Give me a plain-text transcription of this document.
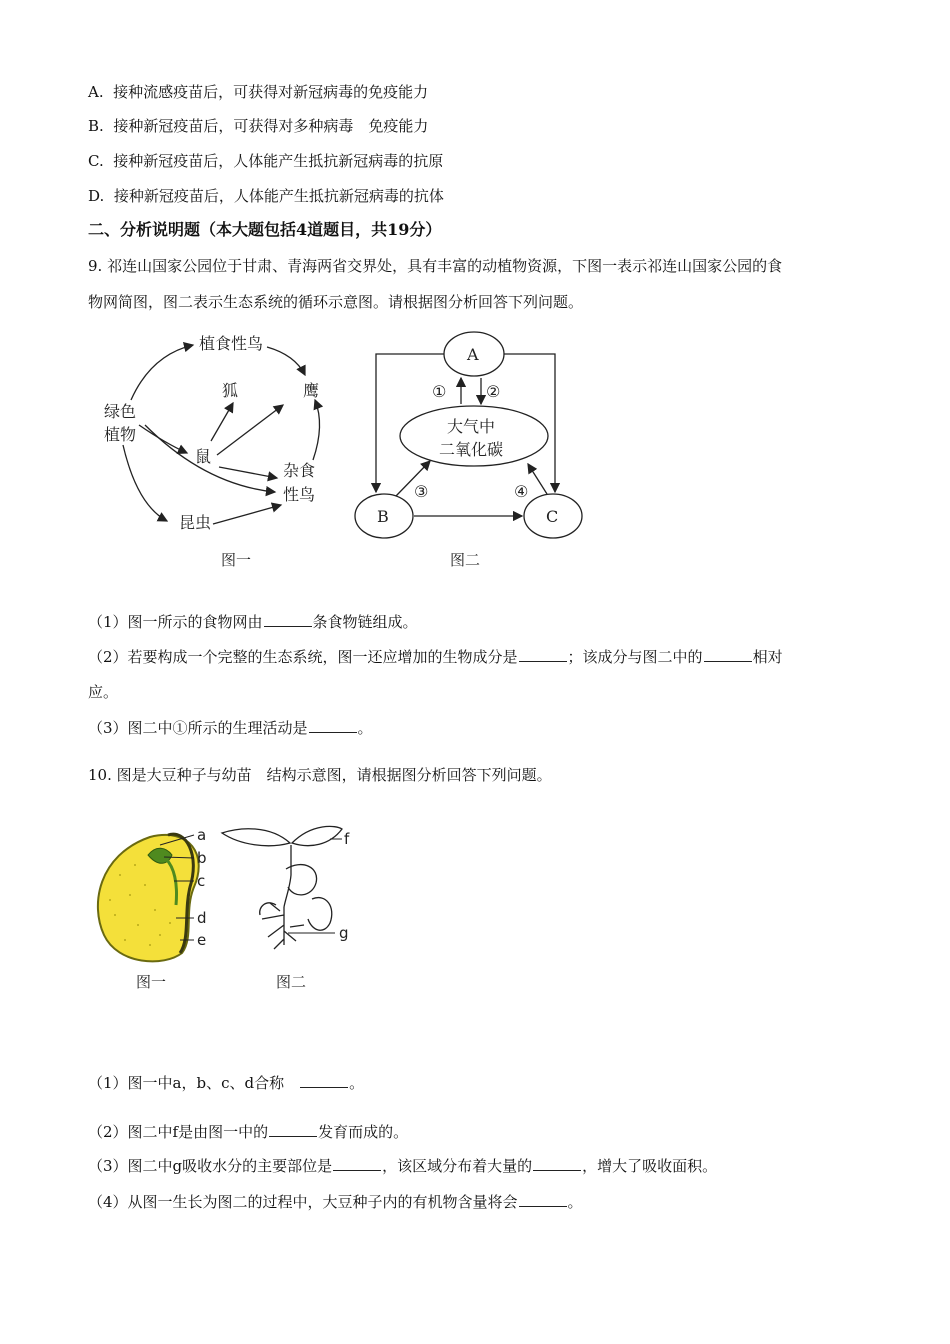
A. 接种流感疫苗后，可获得对新冠病毒的免疫能力
B. 接种新冠疫苗后，可获得对多种病毒　免疫能力
C. 接种新冠疫苗后，人体能产生抵抗新冠病毒的抗原
D. 接种新冠疫苗后，人体能产生抵抗新冠病毒的抗体
二、分析说明题（本大题包括4道题目，共19分）
9. 祁连山国家公园位于甘肃、青海两省交界处，具有丰富的动植物资源，下图一表示祁连山国家公园的食
物网简图，图二表示生态系统的循环示意图。请根据图分析回答下列问题。
绿色
植物
植食性鸟
狐	鹰
鼠
杂食
性鸟
昆虫
图一
A
B	C
大气中
二氧化碳
① ②
③	④
图二
（1）图一所示的食物网由	条食物链组成。
（2）若要构成一个完整的生态系统，图一还应增加的生物成分是	；该成分与图二中的	相对
应。
（3）图二中①所示的生理活动是	。
10. 图是大豆种子与幼苗　结构示意图，请根据图分析回答下列问题。
a
b
c
d
e
f
g
图一	图二
（1）图一中a，b、c、d合称　	。
（2）图二中f是由图一中的	发育而成的。
（3）图二中g吸收水分的主要部位是	，该区域分布着大量的	，增大了吸收面积。
（4）从图一生长为图二的过程中，大豆种子内的有机物含量将会	。
